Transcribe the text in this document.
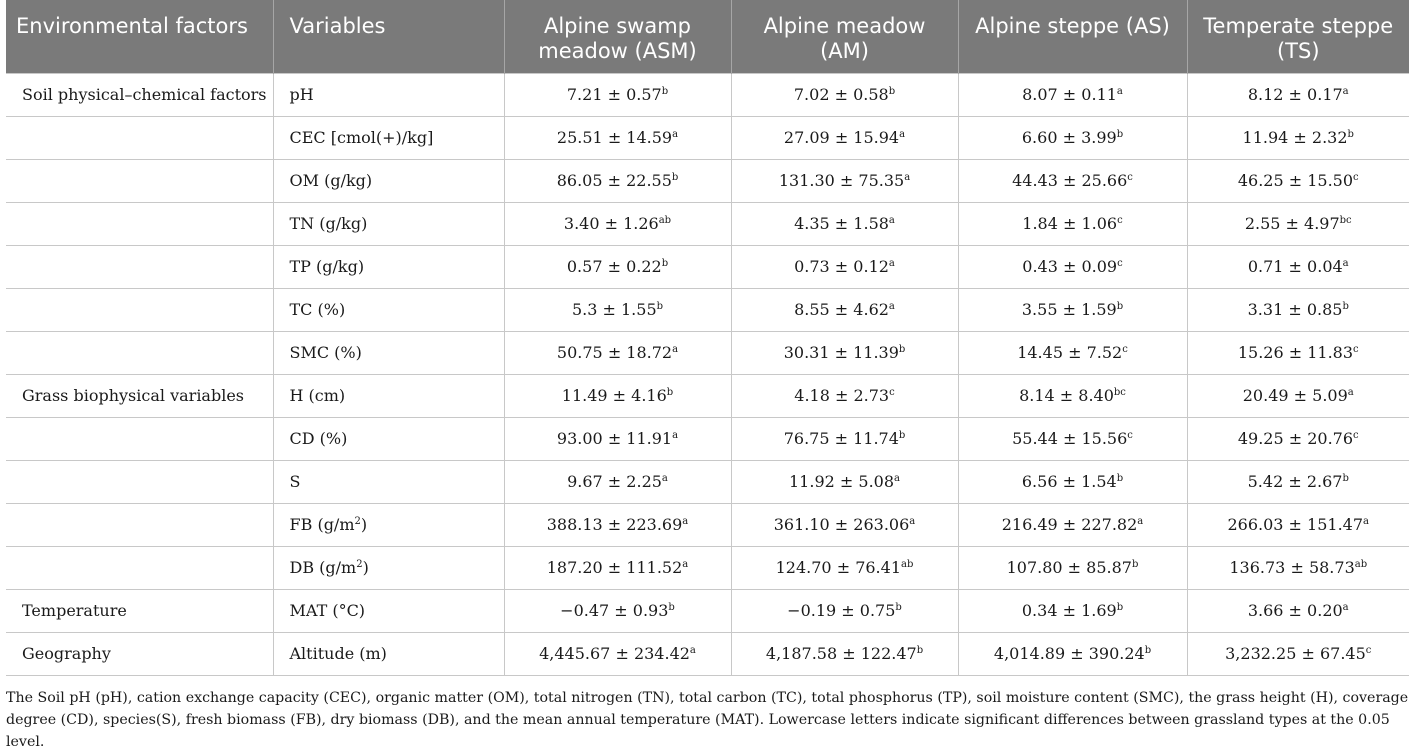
Environmental factors	Variables	Alpine swamp meadow (ASM)	Alpine meadow (AM)	Alpine steppe (AS)	Temperate steppe (TS)
Soil physical–chemical factors	pH	7.21 ± 0.57$^b$	7.02 ± 0.58$^b$	8.07 ± 0.11$^a$	8.12 ± 0.17$^a$
	CEC [cmol(+)/kg]	25.51 ± 14.59$^a$	27.09 ± 15.94$^a$	6.60 ± 3.99$^b$	11.94 ± 2.32$^b$
	OM (g/kg)	86.05 ± 22.55$^b$	131.30 ± 75.35$^a$	44.43 ± 25.66$^c$	46.25 ± 15.50$^c$
	TN (g/kg)	3.40 ± 1.26$^{ab}$	4.35 ± 1.58$^a$	1.84 ± 1.06$^c$	2.55 ± 4.97$^{bc}$
	TP (g/kg)	0.57 ± 0.22$^b$	0.73 ± 0.12$^a$	0.43 ± 0.09$^c$	0.71 ± 0.04$^a$
	TC (%)	5.3 ± 1.55$^b$	8.55 ± 4.62$^a$	3.55 ± 1.59$^b$	3.31 ± 0.85$^b$
	SMC (%)	50.75 ± 18.72$^a$	30.31 ± 11.39$^b$	14.45 ± 7.52$^c$	15.26 ± 11.83$^c$
Grass biophysical variables	H (cm)	11.49 ± 4.16$^b$	4.18 ± 2.73$^c$	8.14 ± 8.40$^{bc}$	20.49 ± 5.09$^a$
	CD (%)	93.00 ± 11.91$^a$	76.75 ± 11.74$^b$	55.44 ± 15.56$^c$	49.25 ± 20.76$^c$
	S	9.67 ± 2.25$^a$	11.92 ± 5.08$^a$	6.56 ± 1.54$^b$	5.42 ± 2.67$^b$
	FB $(g/m^2)$	388.13 ± 223.69$^a$	361.10 ± 263.06$^a$	216.49 ± 227.82$^a$	266.03 ± 151.47$^a$
	DB $(g/m^2)$	187.20 ± 111.52$^a$	124.70 ± 76.41$^{ab}$	107.80 ± 85.87$^b$	136.73 ± 58.73$^{ab}$
Temperature	MAT (°C)	−0.47 ± 0.93$^b$	−0.19 ± 0.75$^b$	0.34 ± 1.69$^b$	3.66 ± 0.20$^a$
Geography	Altitude (m)	4,445.67 ± 234.42$^a$	4,187.58 ± 122.47$^b$	4,014.89 ± 390.24$^b$	3,232.25 ± 67.45$^c$
The Soil pH (pH), cation exchange capacity (CEC), organic matter (OM), total nitrogen (TN), total carbon (TC), total phosphorus (TP), soil moisture content (SMC), the grass height (H), coverage degree (CD), species(S), fresh biomass (FB), dry biomass (DB), and the mean annual temperature (MAT). Lowercase letters indicate significant differences between grassland types at the 0.05 level.
